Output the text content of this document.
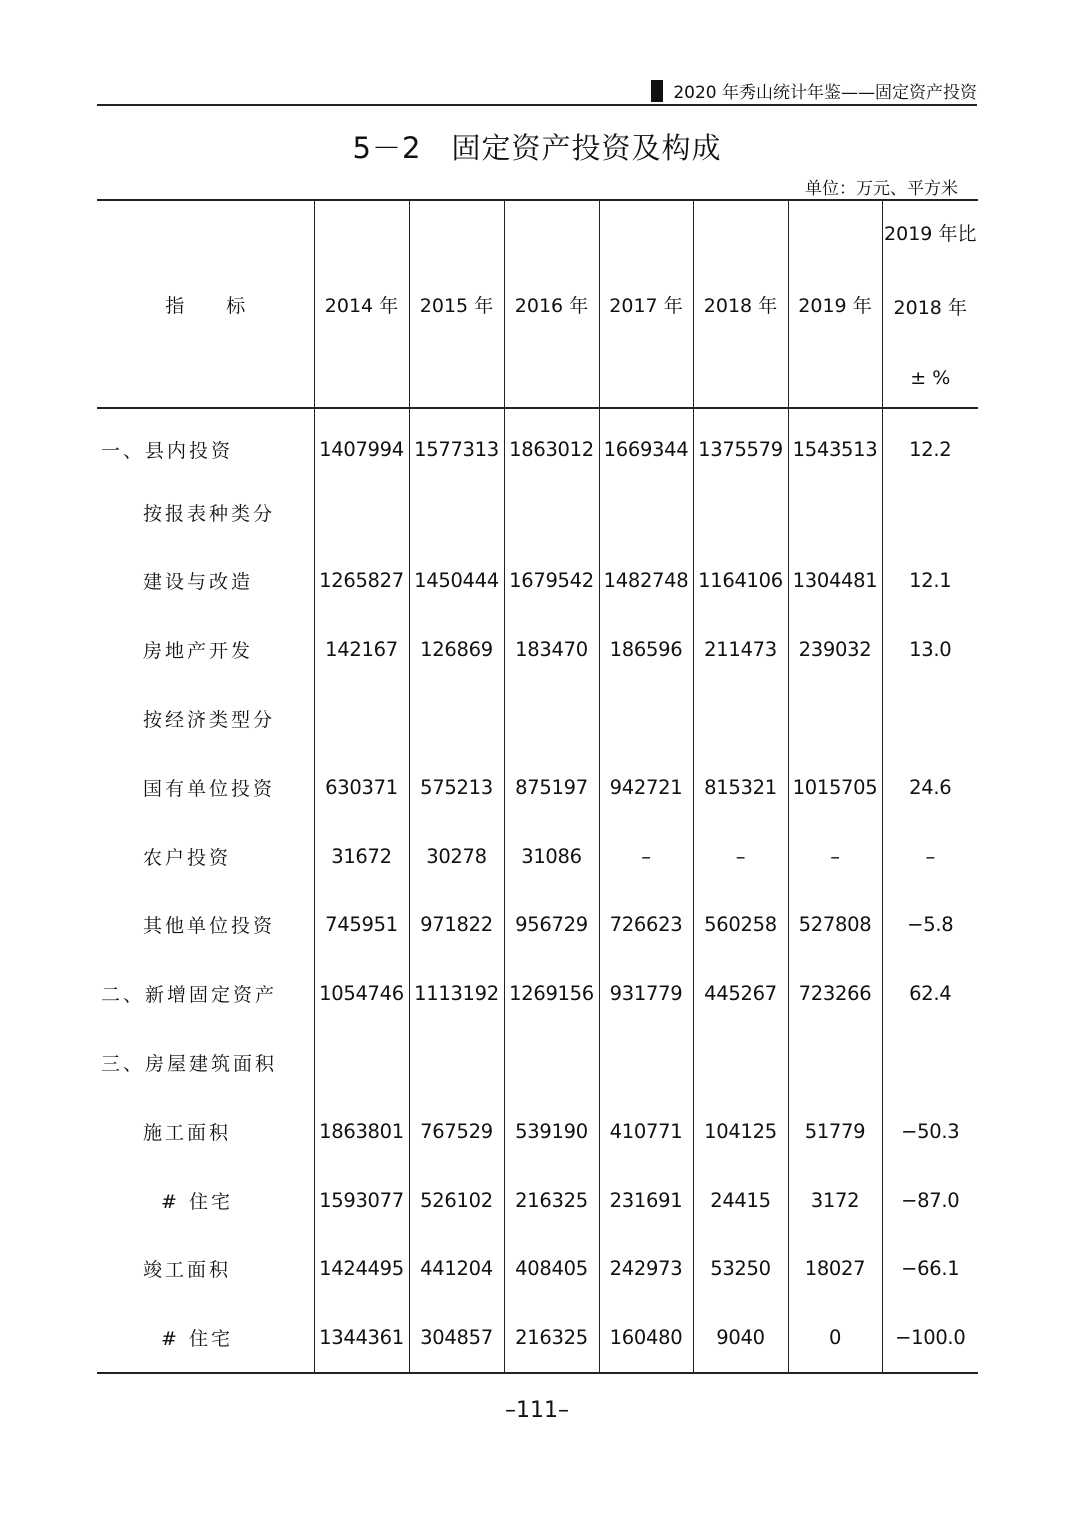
2020 年秀山统计年鉴——固定资产投资
5－2　固定资产投资及构成
单位：万元、平方米
指标	2014 年	2015 年	2016 年	2017 年	2018 年	2019 年	2019 年比
2018 年
± %

一、县内投资	1407994	1577313	1863012	1669344	1375579	1543513	12.2
按报表种类分							
建设与改造	1265827	1450444	1679542	1482748	1164106	1304481	12.1
房地产开发	142167	126869	183470	186596	211473	239032	13.0
按经济类型分							
国有单位投资	630371	575213	875197	942721	815321	1015705	24.6
农户投资	31672	30278	31086	–	–	–	–
其他单位投资	745951	971822	956729	726623	560258	527808	−5.8
二、新增固定资产	1054746	1113192	1269156	931779	445267	723266	62.4
三、房屋建筑面积							
施工面积	1863801	767529	539190	410771	104125	51779	−50.3
# 住宅	1593077	526102	216325	231691	24415	3172	−87.0
竣工面积	1424495	441204	408405	242973	53250	18027	−66.1
# 住宅	1344361	304857	216325	160480	9040	0	−100.0
–111–
